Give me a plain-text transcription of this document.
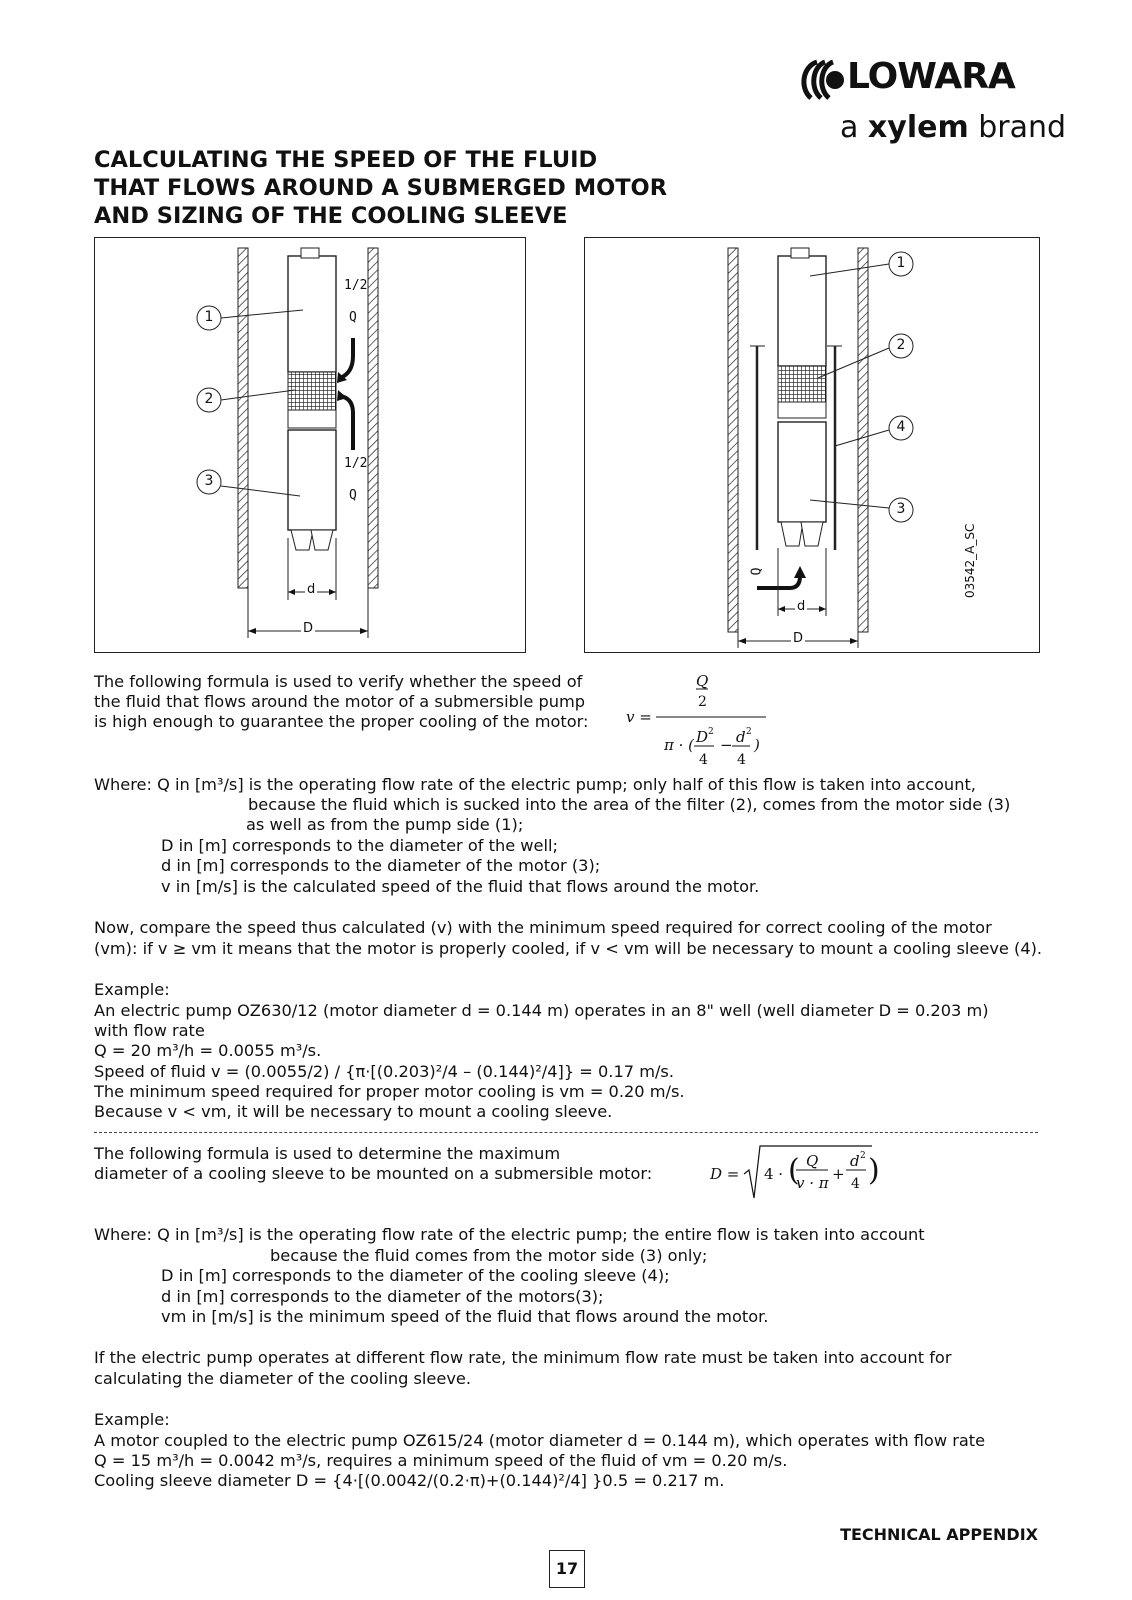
LOWARA
a xylem brand
CALCULATING THE SPEED OF THE FLUID
THAT FLOWS AROUND A SUBMERGED MOTOR
AND SIZING OF THE COOLING SLEEVE
1
2
3
1/2
Q
1/2
Q
d
D
1
2
4
3
Q
d
D
03542_A_SC
The following formula is used to verify whether the speed of
the fluid that flows around the motor of a submersible pump
is high enough to guarantee the proper cooling of the motor:
Q
2
v =
π · ( D 2
4
− d 2
4
)
Where: Q in [m³/s] is the operating flow rate of the electric pump; only half of this flow is taken into account,
because the fluid which is sucked into the area of the filter (2), comes from the motor side (3)
as well as from the pump side (1);
D in [m] corresponds to the diameter of the well;
d in [m] corresponds to the diameter of the motor (3);
v in [m/s] is the calculated speed of the fluid that flows around the motor.
Now, compare the speed thus calculated (v) with the minimum speed required for correct cooling of the motor
(vm): if v ≥ vm it means that the motor is properly cooled, if v < vm will be necessary to mount a cooling sleeve (4).
Example:
An electric pump OZ630/12 (motor diameter d = 0.144 m) operates in an 8" well (well diameter D = 0.203 m)
with flow rate
Q = 20 m³/h = 0.0055 m³/s.
Speed of fluid v = (0.0055/2) / {π·[(0.203)²/4 – (0.144)²/4]} = 0.17 m/s.
The minimum speed required for proper motor cooling is vm = 0.20 m/s.
Because v < vm, it will be necessary to mount a cooling sleeve.
The following formula is used to determine the maximum
diameter of a cooling sleeve to be mounted on a submersible motor:	D = 4 · ( Q
v · π +
d 2
4 )
Where: Q in [m³/s] is the operating flow rate of the electric pump; the entire flow is taken into account
because the fluid comes from the motor side (3) only;
D in [m] corresponds to the diameter of the cooling sleeve (4);
d in [m] corresponds to the diameter of the motors(3);
vm in [m/s] is the minimum speed of the fluid that flows around the motor.
If the electric pump operates at different flow rate, the minimum flow rate must be taken into account for
calculating the diameter of the cooling sleeve.
Example:
A motor coupled to the electric pump OZ615/24 (motor diameter d = 0.144 m), which operates with flow rate
Q = 15 m³/h = 0.0042 m³/s, requires a minimum speed of the fluid of vm = 0.20 m/s.
Cooling sleeve diameter D = {4·[(0.0042/(0.2·π)+(0.144)²/4] }0.5 = 0.217 m.
TECHNICAL APPENDIX
17
